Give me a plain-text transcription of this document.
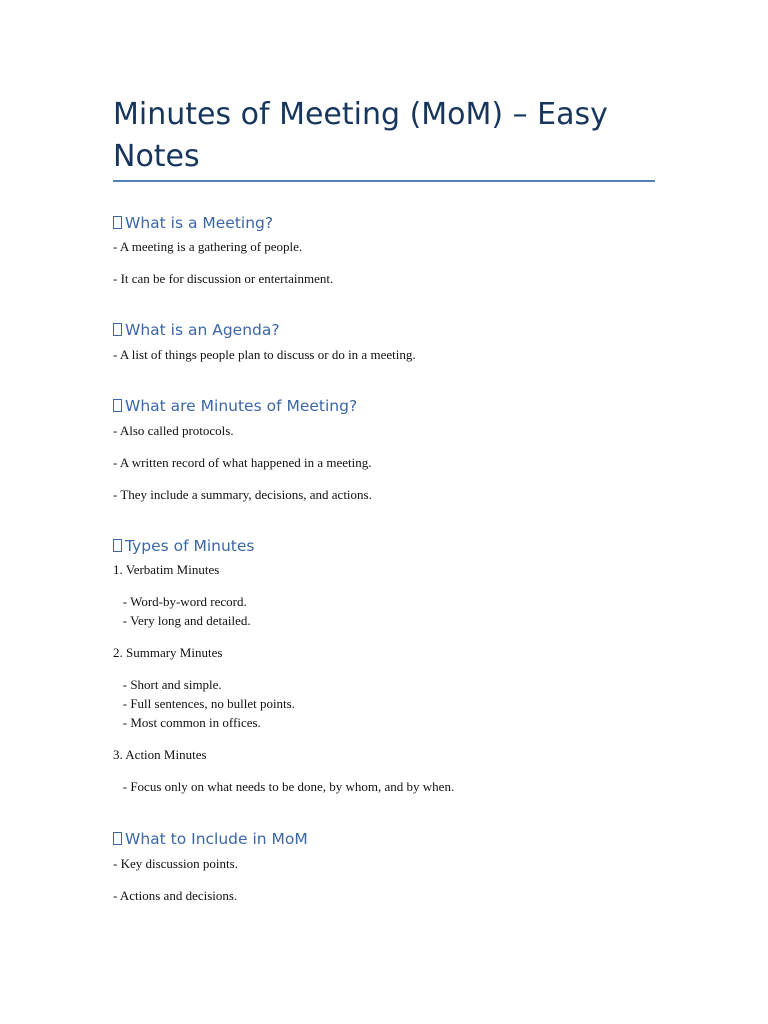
Minutes of Meeting (MoM) – Easy Notes
What is a Meeting?

- A meeting is a gathering of people.

- It can be for discussion or entertainment.

What is an Agenda?

- A list of things people plan to discuss or do in a meeting.

What are Minutes of Meeting?

- Also called protocols.

- A written record of what happened in a meeting.

- They include a summary, decisions, and actions.

Types of Minutes

1. Verbatim Minutes

- Word-by-word record.

- Very long and detailed.

2. Summary Minutes

- Short and simple.

- Full sentences, no bullet points.

- Most common in offices.

3. Action Minutes

- Focus only on what needs to be done, by whom, and by when.

What to Include in MoM

- Key discussion points.

- Actions and decisions.
